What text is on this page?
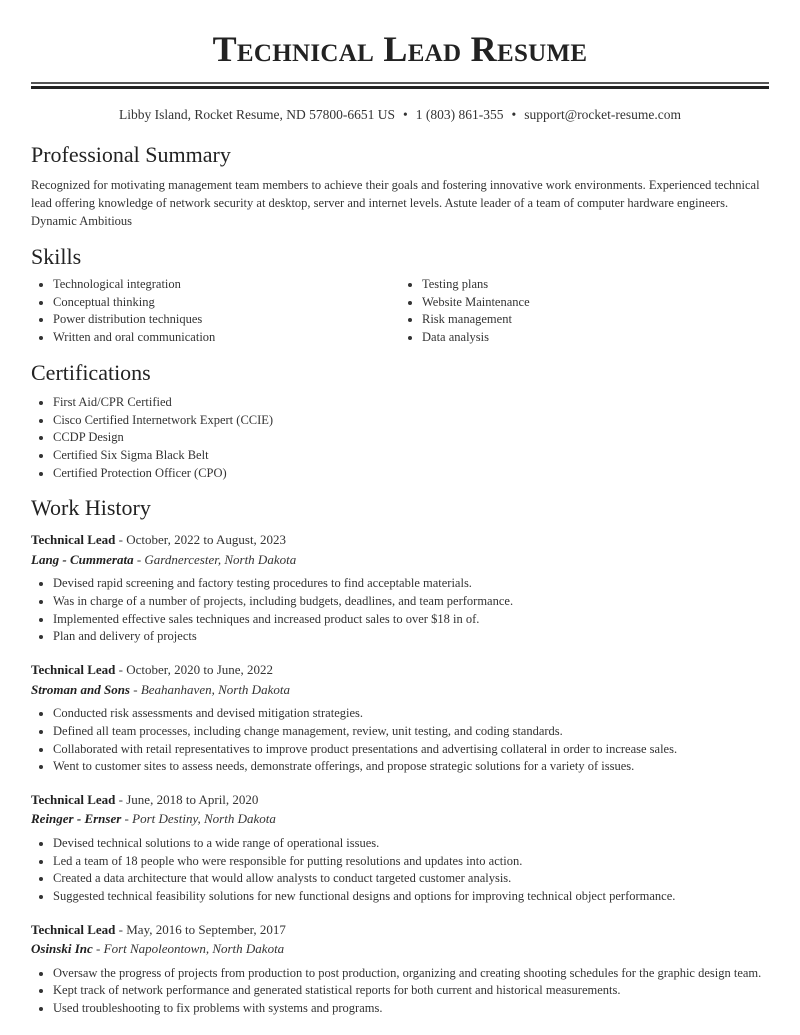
Technical Lead Resume
Libby Island, Rocket Resume, ND 57800-6651 US • 1 (803) 861-355 • support@rocket-resume.com
Professional Summary

Recognized for motivating management team members to achieve their goals and fostering innovative work environments. Experienced technical lead offering knowledge of network security at desktop, server and internet levels. Astute leader of a team of computer hardware engineers. Dynamic Ambitious

Skills
• Technological integration
• Conceptual thinking
• Power distribution techniques
• Written and oral communication
• Testing plans
• Website Maintenance
• Risk management
• Data analysis
Certifications
• First Aid/CPR Certified
• Cisco Certified Internetwork Expert (CCIE)
• CCDP Design
• Certified Six Sigma Black Belt
• Certified Protection Officer (CPO)
Work History
Technical Lead - October, 2022 to August, 2023
Lang - Cummerata - Gardnercester, North Dakota
• Devised rapid screening and factory testing procedures to find acceptable materials.
• Was in charge of a number of projects, including budgets, deadlines, and team performance.
• Implemented effective sales techniques and increased product sales to over $18 in of.
• Plan and delivery of projects
Technical Lead - October, 2020 to June, 2022
Stroman and Sons - Beahanhaven, North Dakota
• Conducted risk assessments and devised mitigation strategies.
• Defined all team processes, including change management, review, unit testing, and coding standards.
• Collaborated with retail representatives to improve product presentations and advertising collateral in order to increase sales.
• Went to customer sites to assess needs, demonstrate offerings, and propose strategic solutions for a variety of issues.
Technical Lead - June, 2018 to April, 2020
Reinger - Ernser - Port Destiny, North Dakota
• Devised technical solutions to a wide range of operational issues.
• Led a team of 18 people who were responsible for putting resolutions and updates into action.
• Created a data architecture that would allow analysts to conduct targeted customer analysis.
• Suggested technical feasibility solutions for new functional designs and options for improving technical object performance.
Technical Lead - May, 2016 to September, 2017
Osinski Inc - Fort Napoleontown, North Dakota
• Oversaw the progress of projects from production to post production, organizing and creating shooting schedules for the graphic design team.
• Kept track of network performance and generated statistical reports for both current and historical measurements.
• Used troubleshooting to fix problems with systems and programs.
